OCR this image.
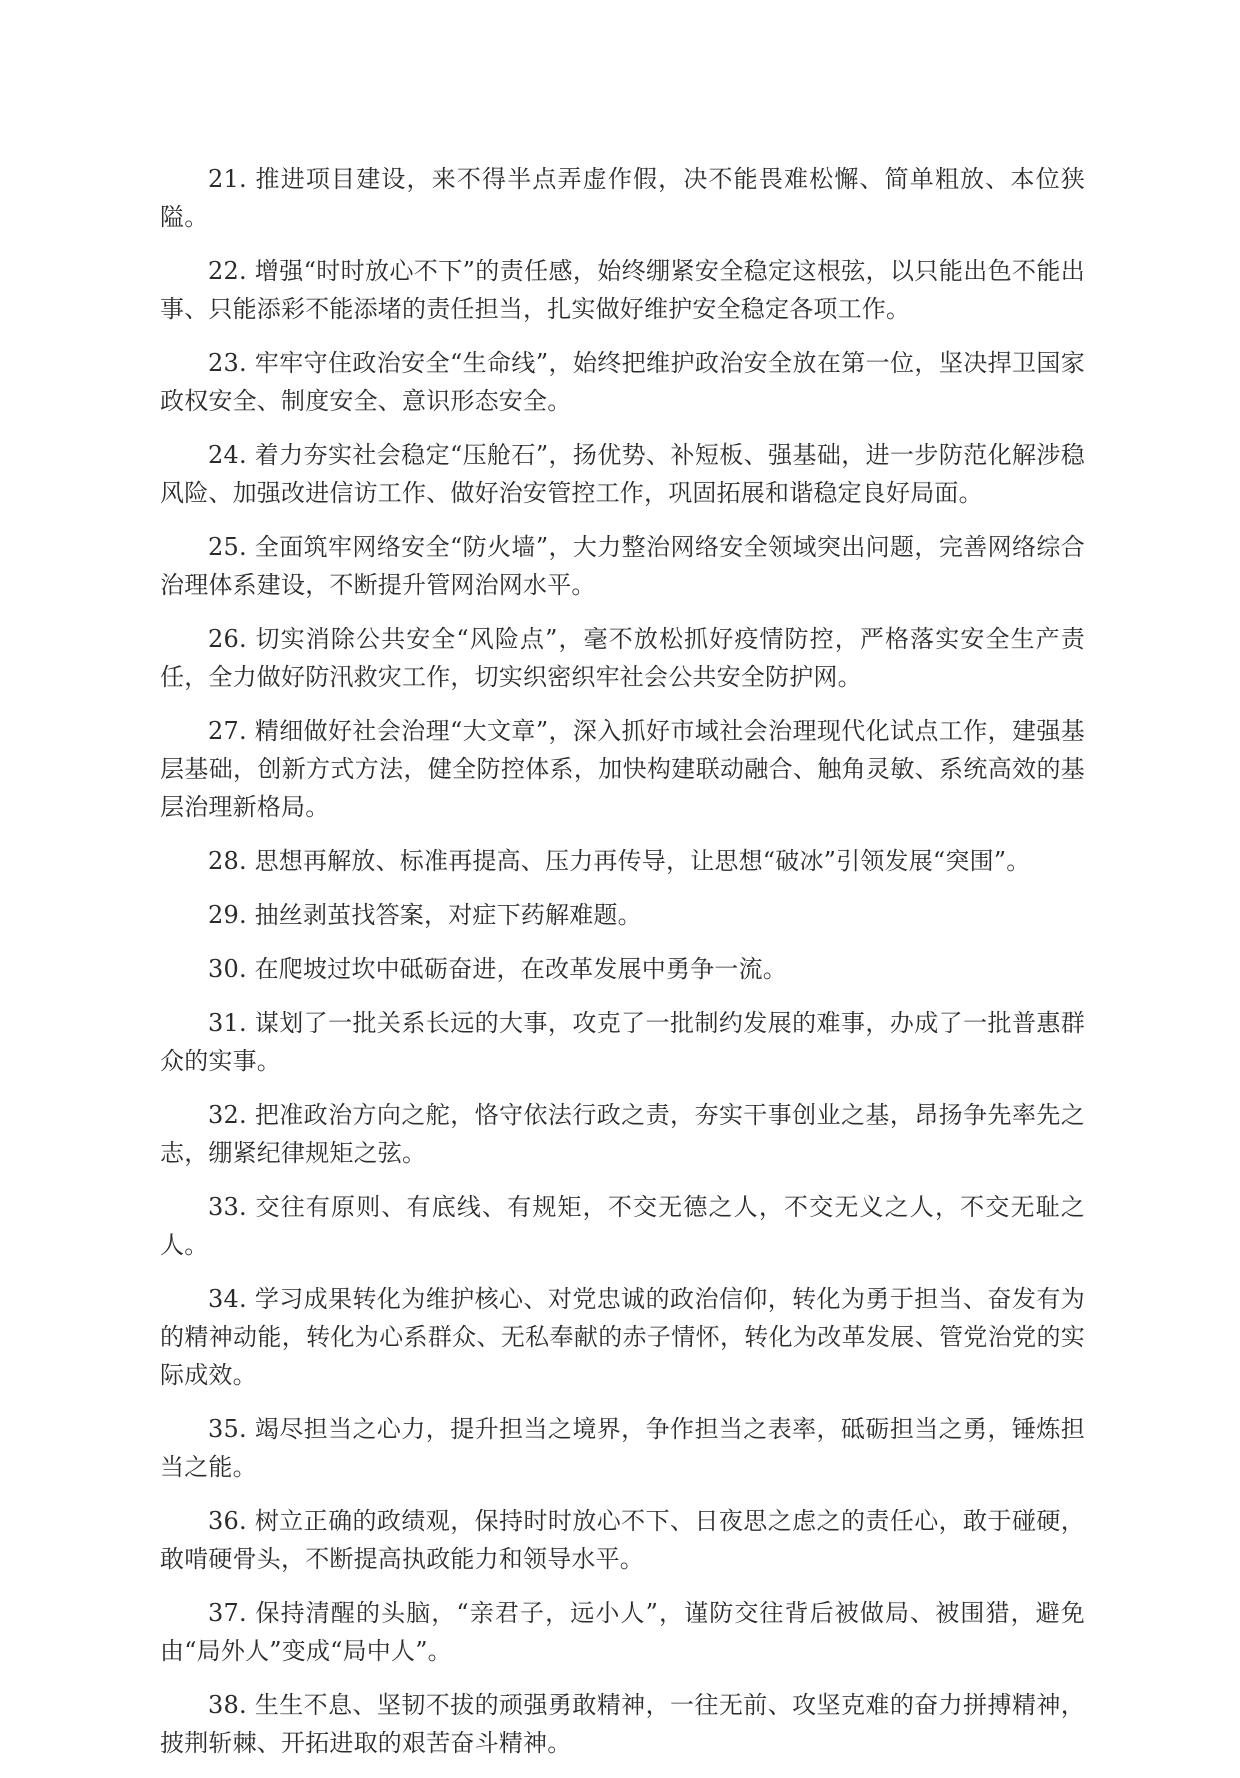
21. 推进项目建设，来不得半点弄虚作假，决不能畏难松懈、简单粗放、本位狭隘。

22. 增强“时时放心不下”的责任感，始终绷紧安全稳定这根弦，以只能出色不能出事、只能添彩不能添堵的责任担当，扎实做好维护安全稳定各项工作。

23. 牢牢守住政治安全“生命线”，始终把维护政治安全放在第一位，坚决捍卫国家政权安全、制度安全、意识形态安全。

24. 着力夯实社会稳定“压舱石”，扬优势、补短板、强基础，进一步防范化解涉稳风险、加强改进信访工作、做好治安管控工作，巩固拓展和谐稳定良好局面。

25. 全面筑牢网络安全“防火墙”，大力整治网络安全领域突出问题，完善网络综合治理体系建设，不断提升管网治网水平。

26. 切实消除公共安全“风险点”，毫不放松抓好疫情防控，严格落实安全生产责任，全力做好防汛救灾工作，切实织密织牢社会公共安全防护网。

27. 精细做好社会治理“大文章”，深入抓好市域社会治理现代化试点工作，建强基层基础，创新方式方法，健全防控体系，加快构建联动融合、触角灵敏、系统高效的基层治理新格局。

28. 思想再解放、标准再提高、压力再传导，让思想“破冰”引领发展“突围”。

29. 抽丝剥茧找答案，对症下药解难题。

30. 在爬坡过坎中砥砺奋进，在改革发展中勇争一流。

31. 谋划了一批关系长远的大事，攻克了一批制约发展的难事，办成了一批普惠群众的实事。

32. 把准政治方向之舵，恪守依法行政之责，夯实干事创业之基，昂扬争先率先之志，绷紧纪律规矩之弦。

33. 交往有原则、有底线、有规矩，不交无德之人，不交无义之人，不交无耻之人。

34. 学习成果转化为维护核心、对党忠诚的政治信仰，转化为勇于担当、奋发有为的精神动能，转化为心系群众、无私奉献的赤子情怀，转化为改革发展、管党治党的实际成效。

35. 竭尽担当之心力，提升担当之境界，争作担当之表率，砥砺担当之勇，锤炼担当之能。

36. 树立正确的政绩观，保持时时放心不下、日夜思之虑之的责任心，敢于碰硬，敢啃硬骨头，不断提高执政能力和领导水平。

37. 保持清醒的头脑，“亲君子，远小人”，谨防交往背后被做局、被围猎，避免由“局外人”变成“局中人”。

38. 生生不息、坚韧不拔的顽强勇敢精神，一往无前、攻坚克难的奋力拼搏精神，披荆斩棘、开拓进取的艰苦奋斗精神。
